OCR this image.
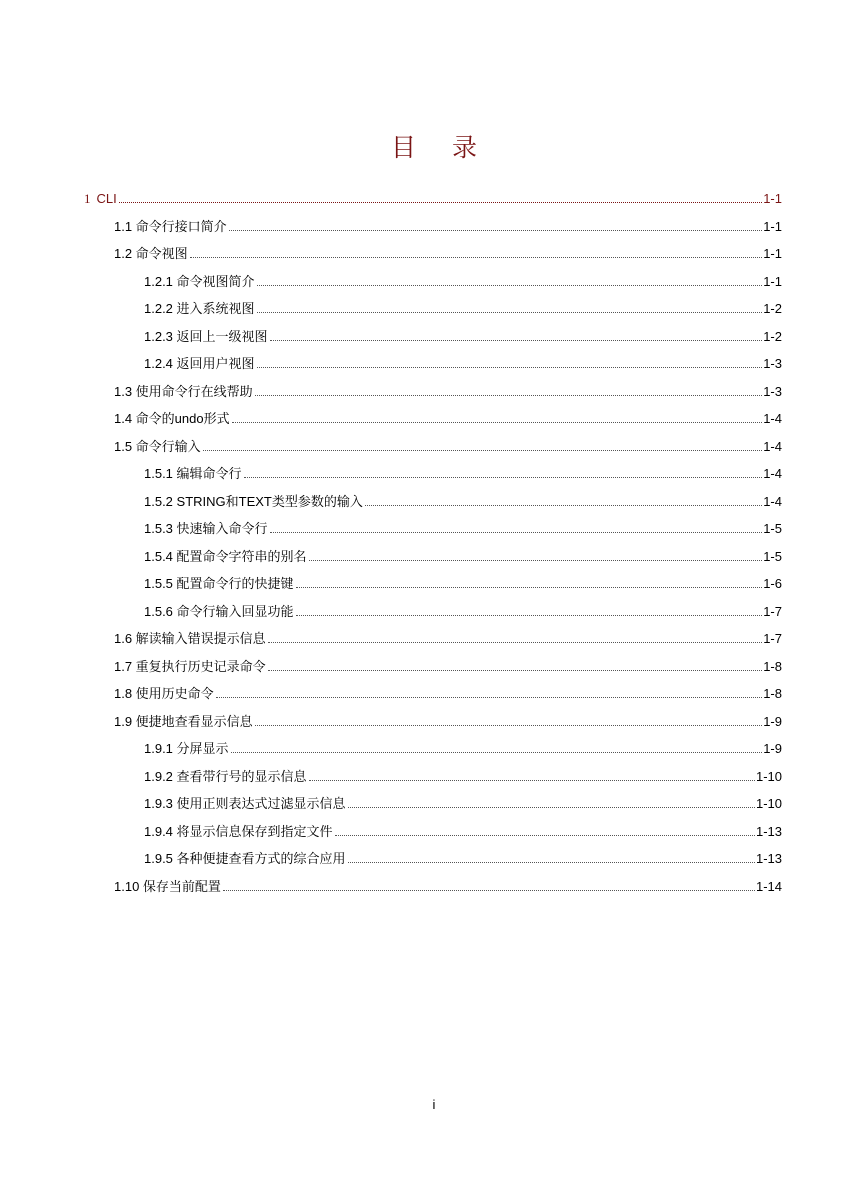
目 录
1 CLI	1-1
1.1 命令行接口简介	1-1
1.2 命令视图	1-1
1.2.1 命令视图简介	1-1
1.2.2 进入系统视图	1-2
1.2.3 返回上一级视图	1-2
1.2.4 返回用户视图	1-3
1.3 使用命令行在线帮助	1-3
1.4 命令的undo形式	1-4
1.5 命令行输入	1-4
1.5.1 编辑命令行	1-4
1.5.2 STRING和TEXT类型参数的输入	1-4
1.5.3 快速输入命令行	1-5
1.5.4 配置命令字符串的别名	1-5
1.5.5 配置命令行的快捷键	1-6
1.5.6 命令行输入回显功能	1-7
1.6 解读输入错误提示信息	1-7
1.7 重复执行历史记录命令	1-8
1.8 使用历史命令	1-8
1.9 便捷地查看显示信息	1-9
1.9.1 分屏显示	1-9
1.9.2 查看带行号的显示信息	1-10
1.9.3 使用正则表达式过滤显示信息	1-10
1.9.4 将显示信息保存到指定文件	1-13
1.9.5 各种便捷查看方式的综合应用	1-13
1.10 保存当前配置	1-14
i
